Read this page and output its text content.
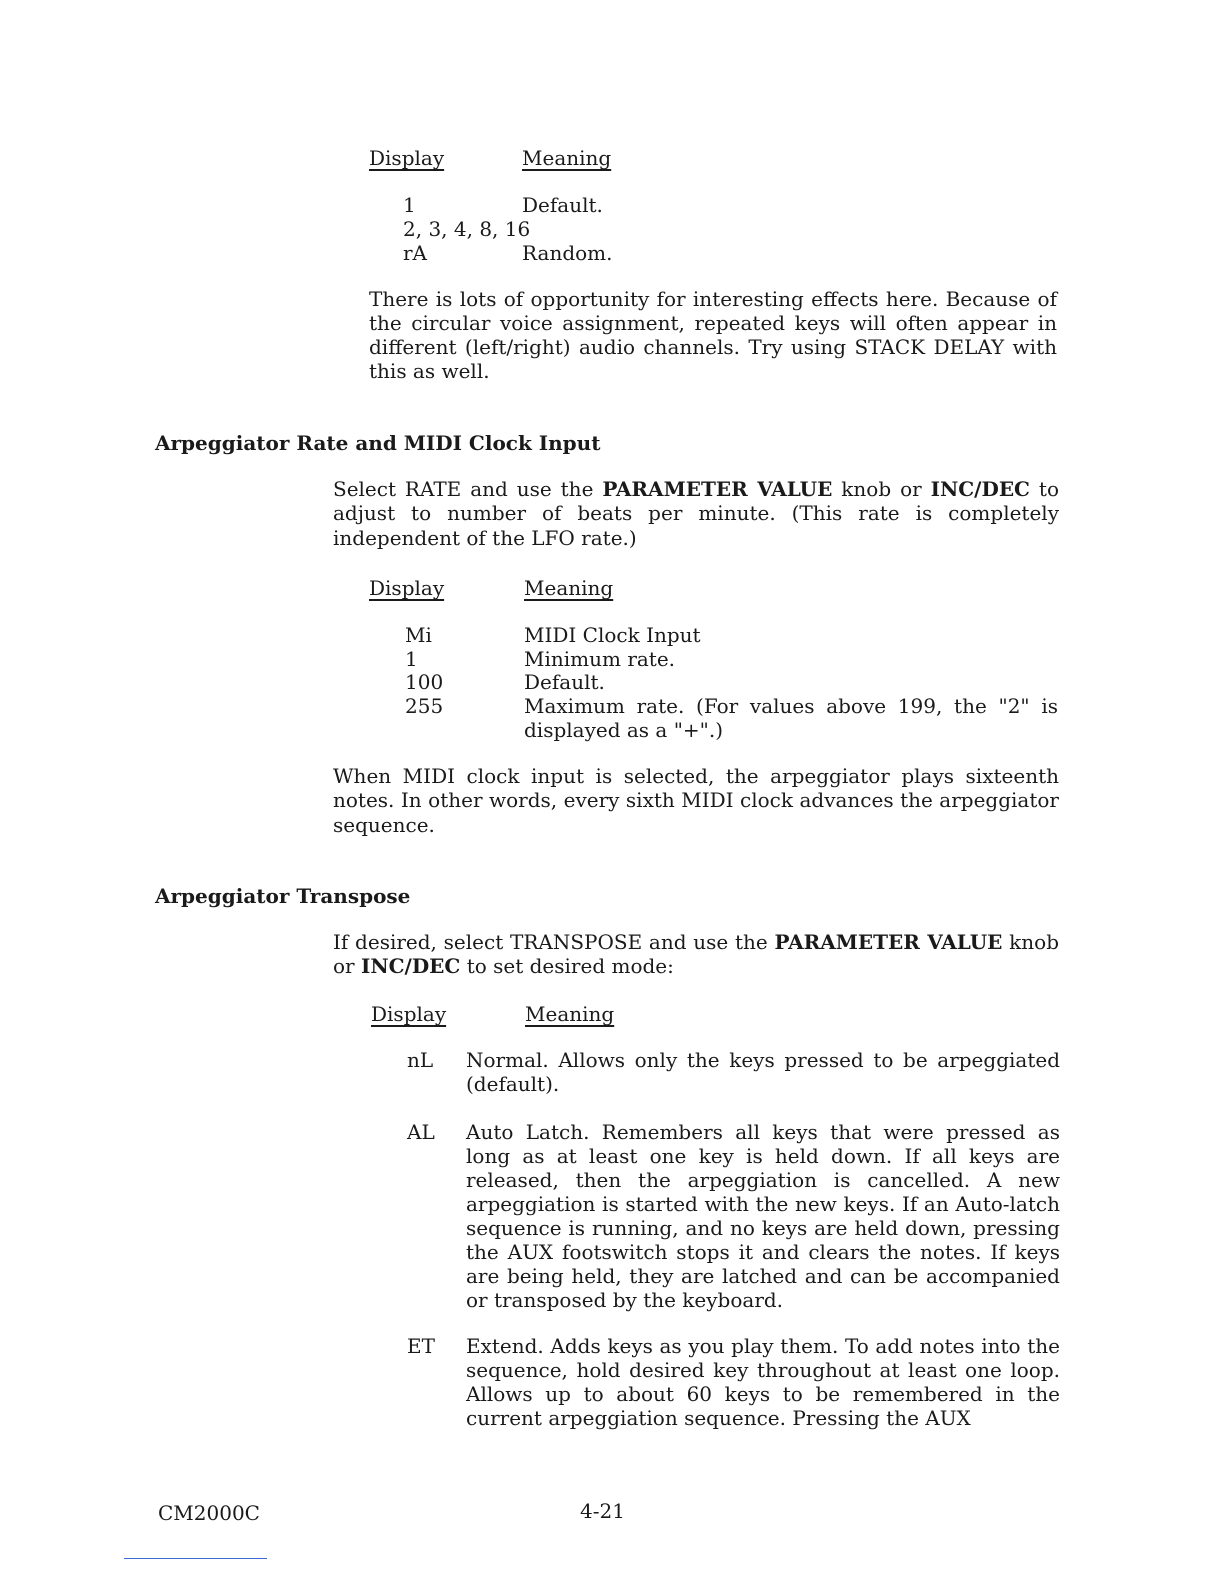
Display	Meaning
1	Default.
2, 3, 4, 8, 16
rA	Random.
There is lots of opportunity for interesting effects here. Because of the circular voice assignment, repeated keys will often appear in different (left/right) audio channels. Try using STACK DELAY with this as well.
Arpeggiator Rate and MIDI Clock Input
Select RATE and use the PARAMETER VALUE knob or INC/DEC to adjust to number of beats per minute. (This rate is completely independent of the LFO rate.)
Display	Meaning
Mi	MIDI Clock Input
1	Minimum rate.
100	Default.
255	Maximum rate. (For values above 199, the "2" is displayed as a "+".)
When MIDI clock input is selected, the arpeggiator plays sixteenth notes. In other words, every sixth MIDI clock advances the arpeggiator sequence.
Arpeggiator Transpose
If desired, select TRANSPOSE and use the PARAMETER VALUE knob or INC/DEC to set desired mode:
Display	Meaning
nL Normal. Allows only the keys pressed to be arpeggiated (default).
AL Auto Latch. Remembers all keys that were pressed as long as at least one key is held down. If all keys are released, then the arpeggiation is cancelled. A new arpeggiation is started with the new keys. If an Auto-latch sequence is running, and no keys are held down, pressing the AUX footswitch stops it and clears the notes. If keys are being held, they are latched and can be accompanied or transposed by the keyboard.
ET Extend. Adds keys as you play them. To add notes into the sequence, hold desired key throughout at least one loop. Allows up to about 60 keys to be remembered in the current arpeggiation sequence. Pressing the AUX
CM2000C	4-21
